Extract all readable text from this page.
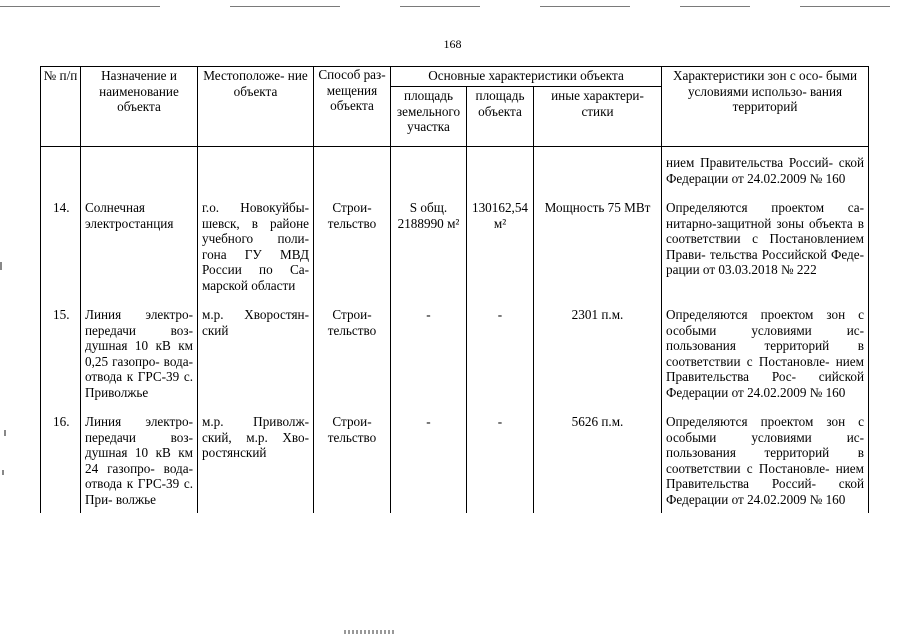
168
№ п/п	Назначение и наименование объекта	Местоположе- ние объекта	Способ раз- мещения объекта	Основные характеристики объекта			Характеристики зон с осо- быми условиями использо- вания территорий
				площадь земельного участка	площадь объекта	иные характери- стики	

							нием Правительства Россий- ской Федерации от 24.02.2009 № 160
14.	Солнечная электростанция	г.о. Новокуйбы- шевск, в районе учебного поли- гона ГУ МВД России по Са- марской области	Строи- тельство	S общ. 2188990 м²	130162,54 м²	Мощность 75 МВт	Определяются проектом са- нитарно-защитной зоны объекта в соответствии с Постановлением Прави- тельства Российской Феде- рации от 03.03.2018 № 222
15.	Линия электро- передачи воз- душная 10 кВ км 0,25 газопро- вода-отвода к ГРС-39 с. Приволжье	м.р. Хворостян- ский	Строи- тельство	-	-	2301 п.м.	Определяются проектом зон с особыми условиями ис- пользования территорий в соответствии с Постановле- нием Правительства Рос- сийской Федерации от 24.02.2009 № 160
16.	Линия электро- передачи воз- душная 10 кВ км 24 газопро- вода-отвода к ГРС-39 с. При- волжье	м.р. Приволж- ский, м.р. Хво- ростянский	Строи- тельство	-	-	5626 п.м.	Определяются проектом зон с особыми условиями ис- пользования территорий в соответствии с Постановле- нием Правительства Россий- ской Федерации от 24.02.2009 № 160
